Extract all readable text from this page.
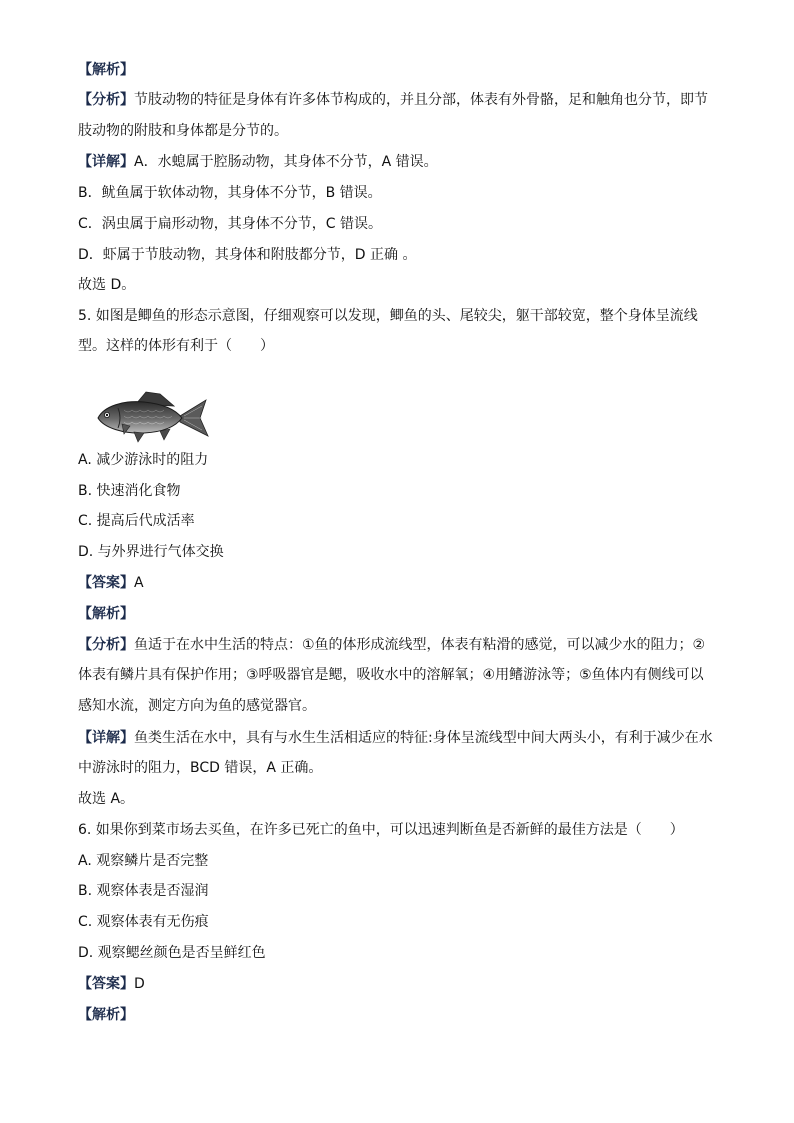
【解析】
【分析】节肢动物的特征是身体有许多体节构成的，并且分部，体表有外骨骼，足和触角也分节，即节
肢动物的附肢和身体都是分节的。
【详解】A．水螅属于腔肠动物，其身体不分节，A 错误。
B．鱿鱼属于软体动物，其身体不分节，B 错误。
C．涡虫属于扁形动物，其身体不分节，C 错误。
D．虾属于节肢动物，其身体和附肢都分节，D 正确 。
故选 D。
5. 如图是鲫鱼的形态示意图，仔细观察可以发现，鲫鱼的头、尾较尖，躯干部较宽，整个身体呈流线
型。这样的体形有利于（　　）
A. 减少游泳时的阻力
B. 快速消化食物
C. 提高后代成活率
D. 与外界进行气体交换
【答案】A
【解析】
【分析】鱼适于在水中生活的特点：①鱼的体形成流线型，体表有粘滑的感觉，可以减少水的阻力；②
体表有鳞片具有保护作用；③呼吸器官是鳃，吸收水中的溶解氧；④用鳍游泳等；⑤鱼体内有侧线可以
感知水流，测定方向为鱼的感觉器官。
【详解】鱼类生活在水中，具有与水生生活相适应的特征:身体呈流线型中间大两头小，有利于减少在水
中游泳时的阻力，BCD 错误，A 正确。
故选 A。
6. 如果你到菜市场去买鱼，在许多已死亡的鱼中，可以迅速判断鱼是否新鲜的最佳方法是（　　）
A. 观察鳞片是否完整
B. 观察体表是否湿润
C. 观察体表有无伤痕
D. 观察鳃丝颜色是否呈鲜红色
【答案】D
【解析】
